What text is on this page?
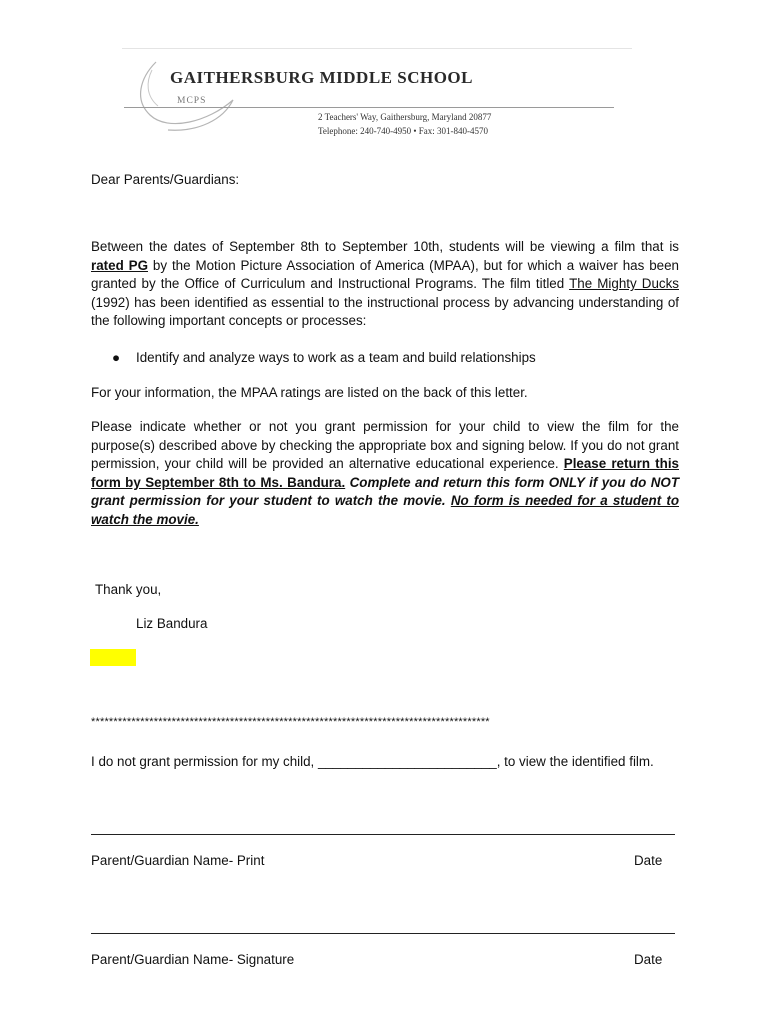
GAITHERSBURG MIDDLE SCHOOL
MCPS
2 Teachers' Way, Gaithersburg, Maryland 20877
Telephone: 240-740-4950 • Fax: 301-840-4570
Dear Parents/Guardians:
Between the dates of September 8th to September 10th, students will be viewing a film that is rated PG by the Motion Picture Association of America (MPAA), but for which a waiver has been granted by the Office of Curriculum and Instructional Programs. The film titled The Mighty Ducks (1992) has been identified as essential to the instructional process by advancing understanding of the following important concepts or processes:
● Identify and analyze ways to work as a team and build relationships
For your information, the MPAA ratings are listed on the back of this letter.
Please indicate whether or not you grant permission for your child to view the film for the purpose(s) described above by checking the appropriate box and signing below. If you do not grant permission, your child will be provided an alternative educational experience. Please return this form by September 8th to Ms. Bandura. Complete and return this form ONLY if you do NOT grant permission for your student to watch the movie. No form is needed for a student to watch the movie.
Thank you,
Liz Bandura
*****************************************************************************************
I do not grant permission for my child, ________________________, to view the identified film.
Parent/Guardian Name- Print	Date
Parent/Guardian Name- Signature	Date
